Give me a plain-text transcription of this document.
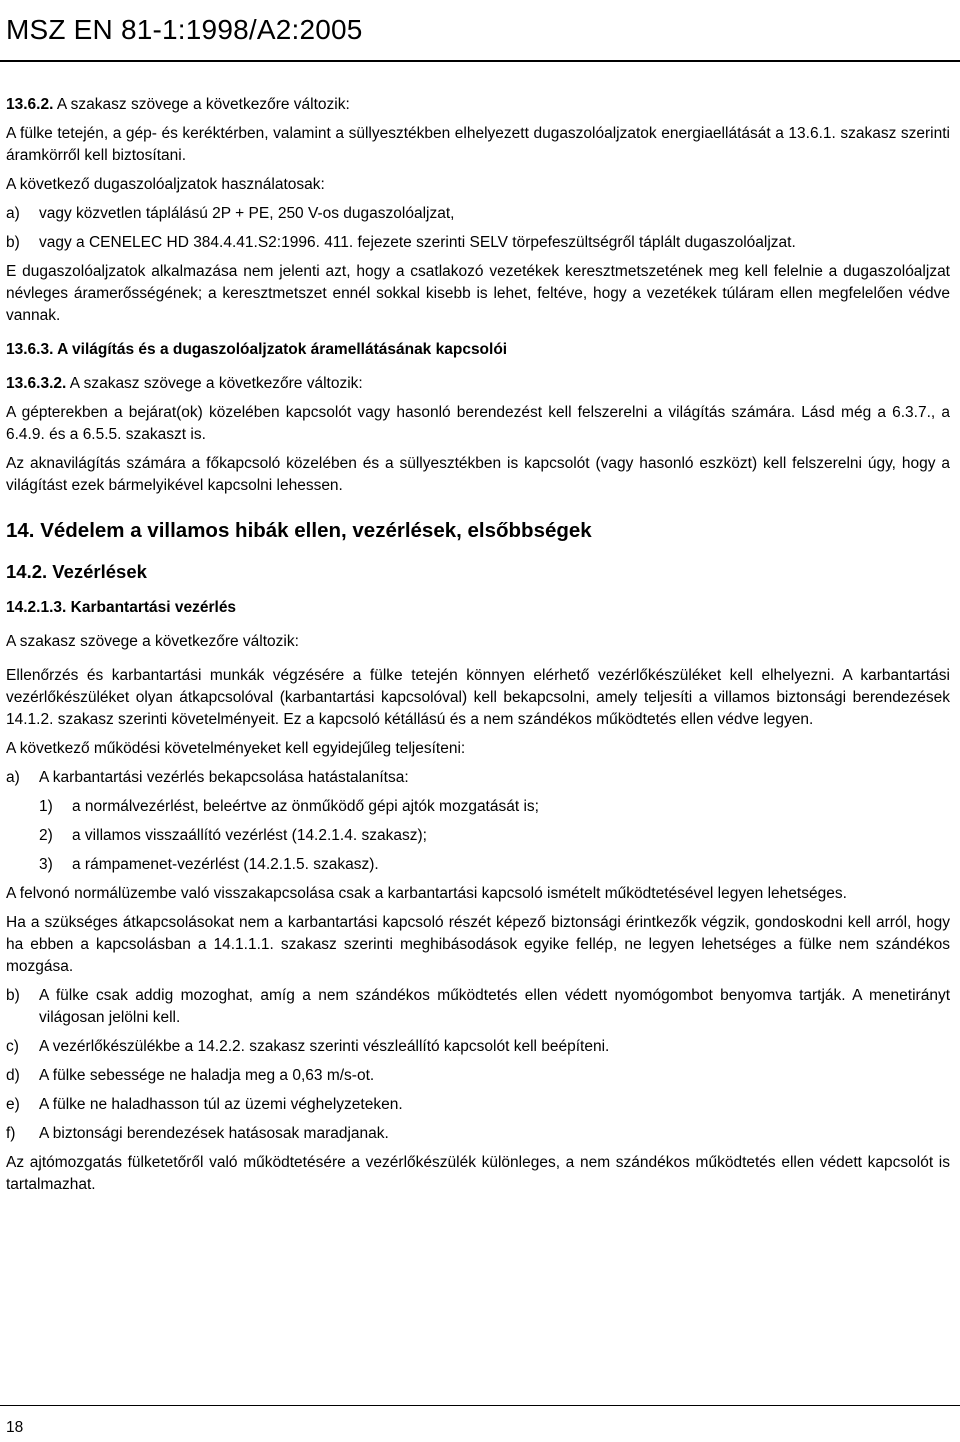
MSZ EN 81-1:1998/A2:2005

13.6.2. A szakasz szövege a következőre változik:

A fülke tetején, a gép- és keréktérben, valamint a süllyesztékben elhelyezett dugaszolóaljzatok energiaellátását a 13.6.1. szakasz szerinti áramkörről kell biztosítani.

A következő dugaszolóaljzatok használatosak:

a)	vagy közvetlen táplálású 2P + PE, 250 V-os dugaszolóaljzat,
b)	vagy a CENELEC HD 384.4.41.S2:1996. 411. fejezete szerinti SELV törpefeszültségről táplált dugaszolóaljzat.

E dugaszolóaljzatok alkalmazása nem jelenti azt, hogy a csatlakozó vezetékek keresztmetszetének meg kell felelnie a dugaszolóaljzat névleges áramerősségének; a keresztmetszet ennél sokkal kisebb is lehet, feltéve, hogy a vezetékek túláram ellen megfelelően védve vannak.

13.6.3. A világítás és a dugaszolóaljzatok áramellátásának kapcsolói

13.6.3.2. A szakasz szövege a következőre változik:

A gépterekben a bejárat(ok) közelében kapcsolót vagy hasonló berendezést kell felszerelni a világítás számára. Lásd még a 6.3.7., a 6.4.9. és a 6.5.5. szakaszt is.

Az aknavilágítás számára a főkapcsoló közelében és a süllyesztékben is kapcsolót (vagy hasonló eszközt) kell felszerelni úgy, hogy a világítást ezek bármelyikével kapcsolni lehessen.

14. Védelem a villamos hibák ellen, vezérlések, elsőbbségek
14.2. Vezérlések

14.2.1.3. Karbantartási vezérlés

A szakasz szövege a következőre változik:

Ellenőrzés és karbantartási munkák végzésére a fülke tetején könnyen elérhető vezérlőkészüléket kell elhelyezni. A karbantartási vezérlőkészüléket olyan átkapcsolóval (karbantartási kapcsolóval) kell bekapcsolni, amely teljesíti a villamos biztonsági berendezések 14.1.2. szakasz szerinti követelményeit. Ez a kapcsoló kétállású és a nem szándékos működtetés ellen védve legyen.

A következő működési követelményeket kell egyidejűleg teljesíteni:

a)	A karbantartási vezérlés bekapcsolása hatástalanítsa:
1)	a normálvezérlést, beleértve az önműködő gépi ajtók mozgatását is;
2)	a villamos visszaállító vezérlést (14.2.1.4. szakasz);
3)	a rámpamenet-vezérlést (14.2.1.5. szakasz).

A felvonó normálüzembe való visszakapcsolása csak a karbantartási kapcsoló ismételt működtetésével legyen lehetséges.

Ha a szükséges átkapcsolásokat nem a karbantartási kapcsoló részét képező biztonsági érintkezők végzik, gondoskodni kell arról, hogy ha ebben a kapcsolásban a 14.1.1.1. szakasz szerinti meghibásodások egyike fellép, ne legyen lehetséges a fülke nem szándékos mozgása.

b)	A fülke csak addig mozoghat, amíg a nem szándékos működtetés ellen védett nyomógombot benyomva tartják. A menetirányt világosan jelölni kell.
c)	A vezérlőkészülékbe a 14.2.2. szakasz szerinti vészleállító kapcsolót kell beépíteni.
d)	A fülke sebessége ne haladja meg a 0,63 m/s-ot.
e)	A fülke ne haladhasson túl az üzemi véghelyzeteken.
f)	A biztonsági berendezések hatásosak maradjanak.

Az ajtómozgatás fülketetőről való működtetésére a vezérlőkészülék különleges, a nem szándékos működtetés ellen védett kapcsolót is tartalmazhat.

18
